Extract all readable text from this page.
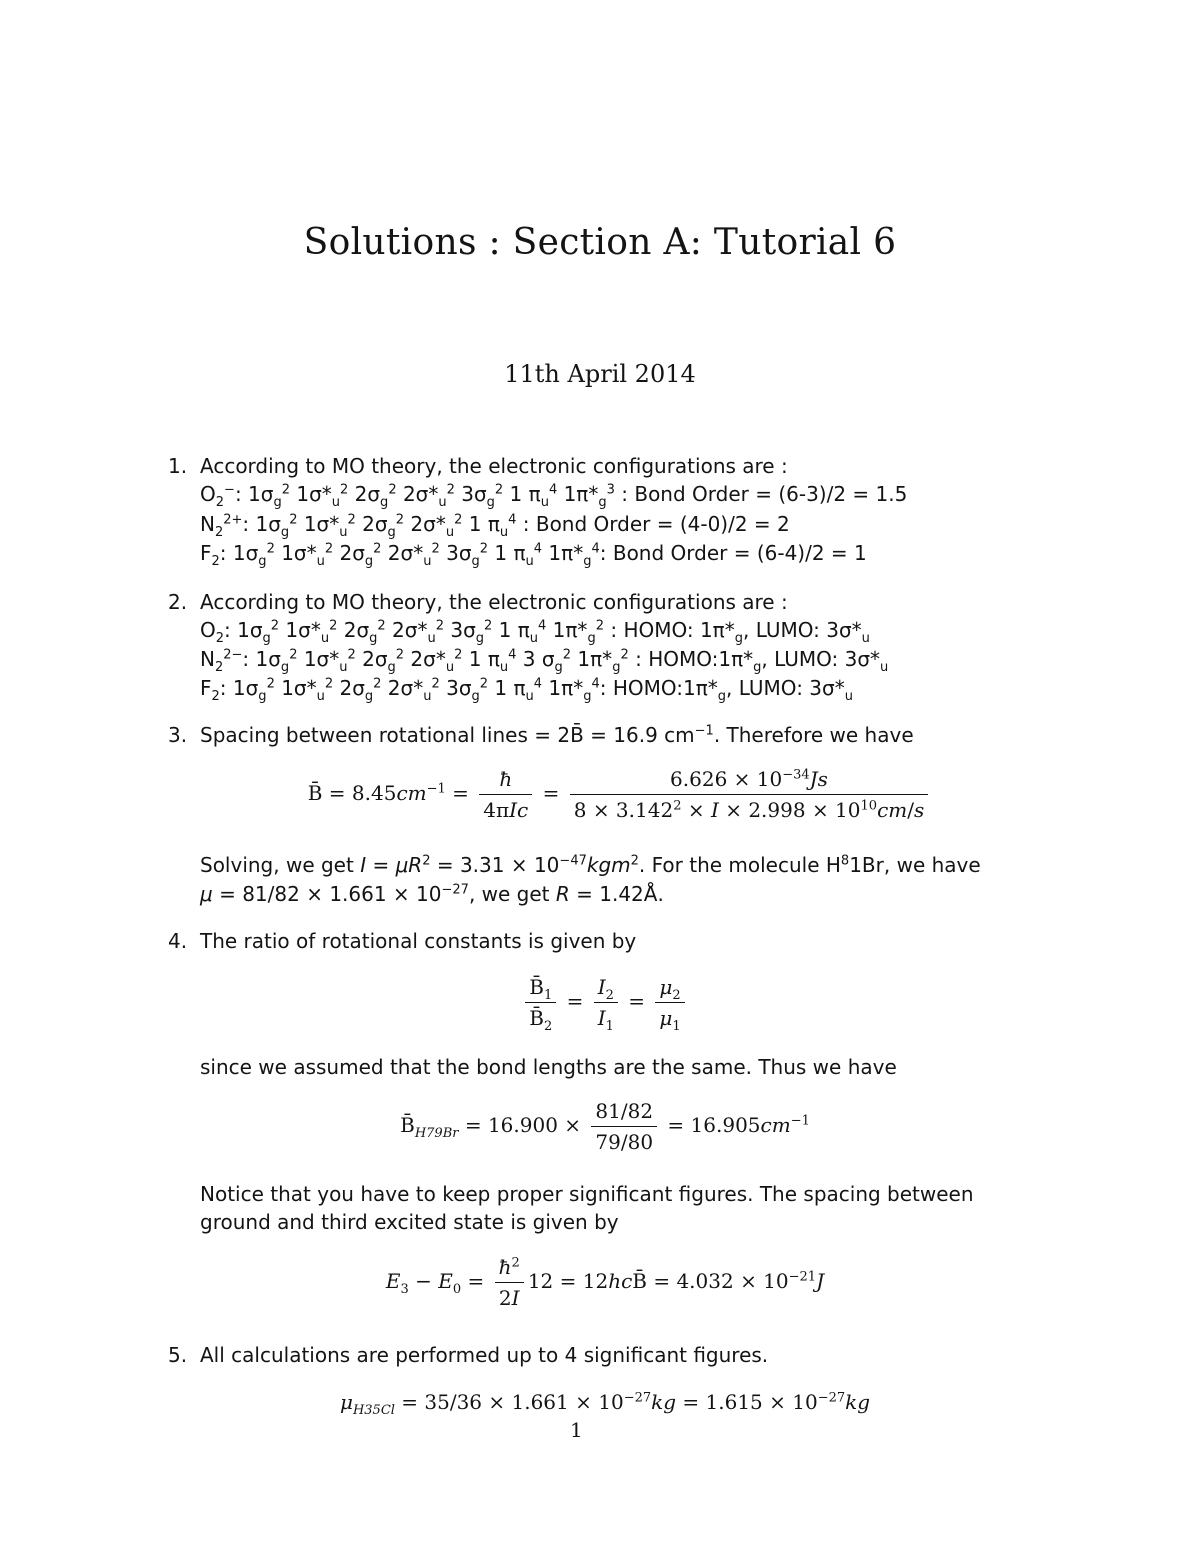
Solutions : Section A: Tutorial 6
11th April 2014
1. According to MO theory, the electronic configurations are :
$O_2^-$: $1\sigma_g^2$ $1\sigma*_u^2$ $2\sigma_g^2$ $2\sigma*_u^2$ $3\sigma_g^2$ 1 $\pi_u^4$ $1\pi*_g^3$ : Bond Order = (6-3)/2 = 1.5
$N_2^{2+}$: $1\sigma_g^2$ $1\sigma*_u^2$ $2\sigma_g^2$ $2\sigma*_u^2$ 1 $\pi_u^4$ : Bond Order = (4-0)/2 = 2
$F_2$: $1\sigma_g^2$ $1\sigma*_u^2$ $2\sigma_g^2$ $2\sigma*_u^2$ $3\sigma_g^2$ 1 $\pi_u^4$ $1\pi*_g^4$: Bond Order = (6-4)/2 = 1
2. According to MO theory, the electronic configurations are :
$O_2$: $1\sigma_g^2$ $1\sigma*_u^2$ $2\sigma_g^2$ $2\sigma*_u^2$ $3\sigma_g^2$ 1 $\pi_u^4$ $1\pi*_g^2$ : HOMO: $1\pi*_g$, LUMO: $3\sigma*_u$
$N_2^{2-}$: $1\sigma_g^2$ $1\sigma*_u^2$ $2\sigma_g^2$ $2\sigma*_u^2$ 1 $\pi_u^4$ 3 $\sigma_g^2$ $1\pi*_g^2$ : $HOMO:1\pi*_g$, LUMO: $3\sigma*_u$
$F_2$: $1\sigma_g^2$ $1\sigma*_u^2$ $2\sigma_g^2$ $2\sigma*_u^2$ $3\sigma_g^2$ 1 $\pi_u^4$ $1\pi*_g^4$: $HOMO:1\pi*_g$, LUMO: $3\sigma*_u$
3. Spacing between rotational lines = 2B̄ = 16.9 $cm^{-1}$. Therefore we have
B̄ = $8.45cm^{-1} = \frac{ħ}{\text{4πIc}} = \frac{6.626 \times 10^{-34}Js}{8 \times 3.142^2 \times I \times 2.998 \times 10^{10}cm/s}$
Solving, we get $I = \mu R^2 = 3.31 \times 10^{-47}kgm^2$. For the molecule $H^81Br$, we have
$\mu = 81/82 \times 1.661 \times 10^{-27}$, we get R = 1.42Å.
4. The ratio of rotational constants is given by
$\frac{B̄_1}{B̄_2} = \frac{I_2}{I_1} = \frac{\mu_2}{\mu_1}$
since we assumed that the bond lengths are the same. Thus we have
$B̄_{H79Br} = 16.900 \times \frac{81/82}{79/80} = 16.905cm^{-1}$
Notice that you have to keep proper significant figures. The spacing between
ground and third excited state is given by
$E_3 - E_0 = \frac{ħ^2}{2I} 12$ = 12hcB̄ = $4.032 \times 10^{-21}J$
5. All calculations are performed up to 4 significant figures.
$\mu_{H35Cl} = 35/36 \times 1.661 \times 10^{-27}kg = 1.615 \times 10^{-27}kg$
1
